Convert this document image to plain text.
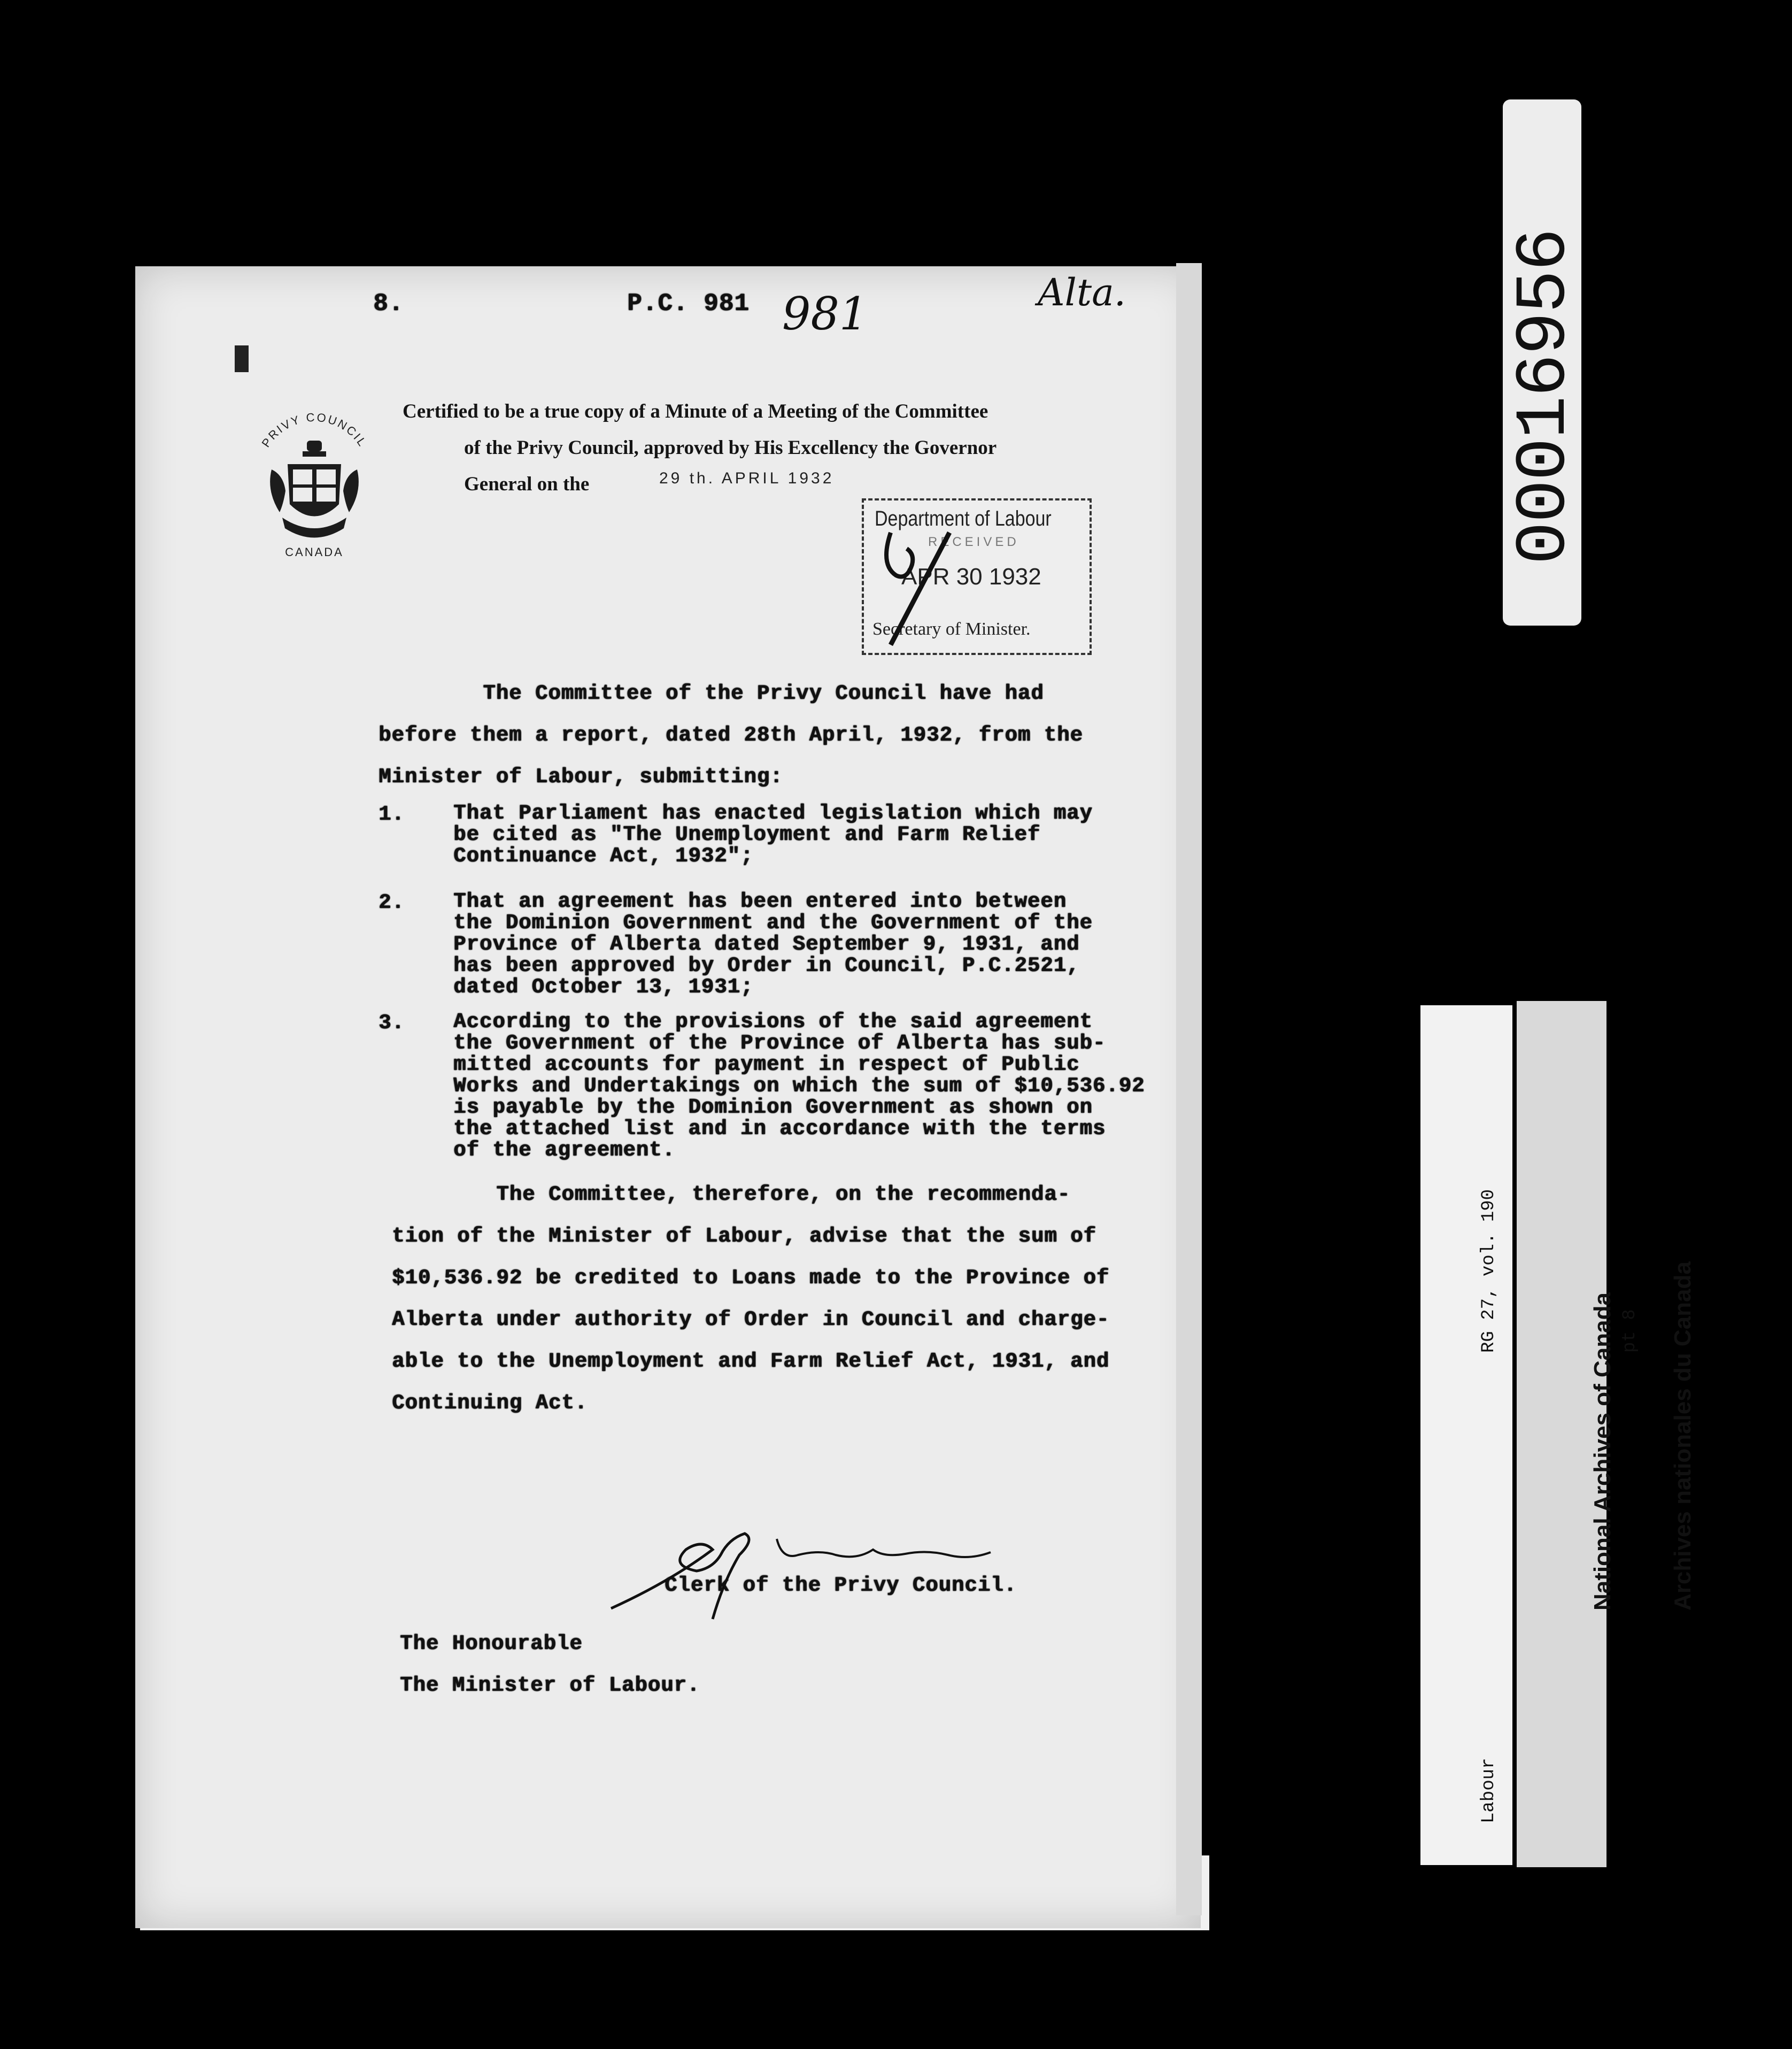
8.	P.C. 981 981	Alta.
PRIVY COUNCIL
CANADA
Certified to be a true copy of a Minute of a Meeting of the Committee
of the Privy Council, approved by His Excellency the Governor
General on the	29 th. APRIL 1932
The Committee of the Privy Council have had
before them a report, dated 28th April, 1932, from the
Minister of Labour, submitting:
1. That Parliament has enacted legislation which may
be cited as "The Unemployment and Farm Relief
Continuance Act, 1932";
2. That an agreement has been entered into between
the Dominion Government and the Government of the
Province of Alberta dated September 9, 1931, and
has been approved by Order in Council, P.C.2521,
dated October 13, 1931;
3. According to the provisions of the said agreement
the Government of the Province of Alberta has sub-
mitted accounts for payment in respect of Public
Works and Undertakings on which the sum of $10,536.92
is payable by the Dominion Government as shown on
the attached list and in accordance with the terms
of the agreement.
The Committee, therefore, on the recommenda-
tion of the Minister of Labour, advise that the sum of
$10,536.92 be credited to Loans made to the Province of
Alberta under authority of Order in Council and charge-
able to the Unemployment and Farm Relief Act, 1931, and
Continuing Act.
Clerk of the Privy Council.
The Honourable
The Minister of Labour.
Department of Labour
RECEIVED
APR 30 1932
Secretary of Minister.
00016956

RG 27, vol. 190

	pt 8

Labour

National Archives of Canada

Archives nationales du Canada
